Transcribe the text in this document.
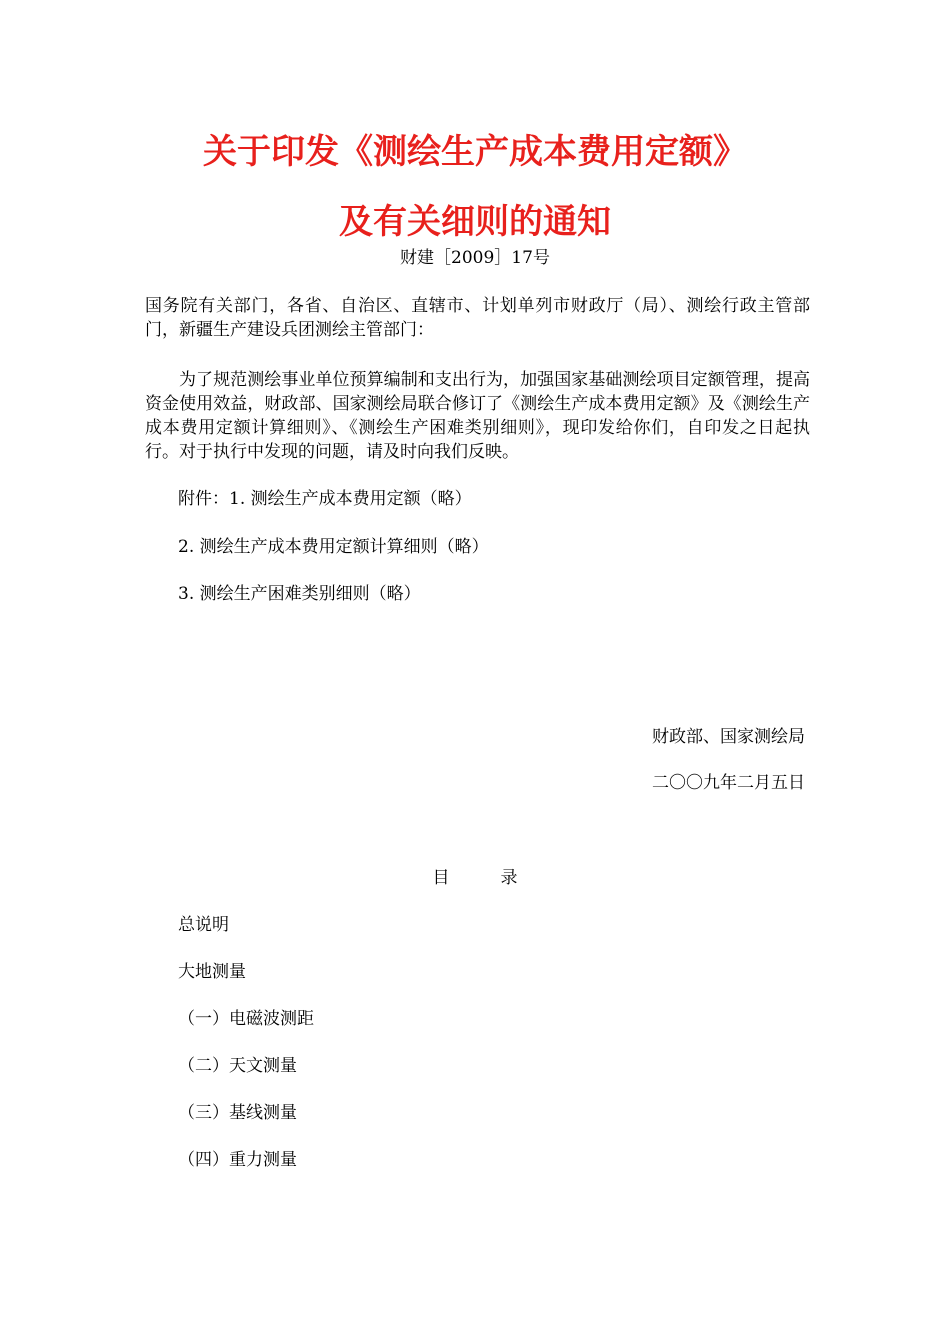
关于印发《测绘生产成本费用定额》
及有关细则的通知
财建［2009］17号
国务院有关部门，各省、自治区、直辖市、计划单列市财政厅（局）、测绘行政主管部门，新疆生产建设兵团测绘主管部门：
为了规范测绘事业单位预算编制和支出行为，加强国家基础测绘项目定额管理，提高资金使用效益，财政部、国家测绘局联合修订了《测绘生产成本费用定额》及《测绘生产成本费用定额计算细则》、《测绘生产困难类别细则》，现印发给你们，自印发之日起执行。对于执行中发现的问题，请及时向我们反映。
附件：1. 测绘生产成本费用定额（略）
2. 测绘生产成本费用定额计算细则（略）
3. 测绘生产困难类别细则（略）
财政部、国家测绘局
二〇〇九年二月五日
目　　　录
总说明
大地测量
（一）电磁波测距
（二）天文测量
（三）基线测量
（四）重力测量
